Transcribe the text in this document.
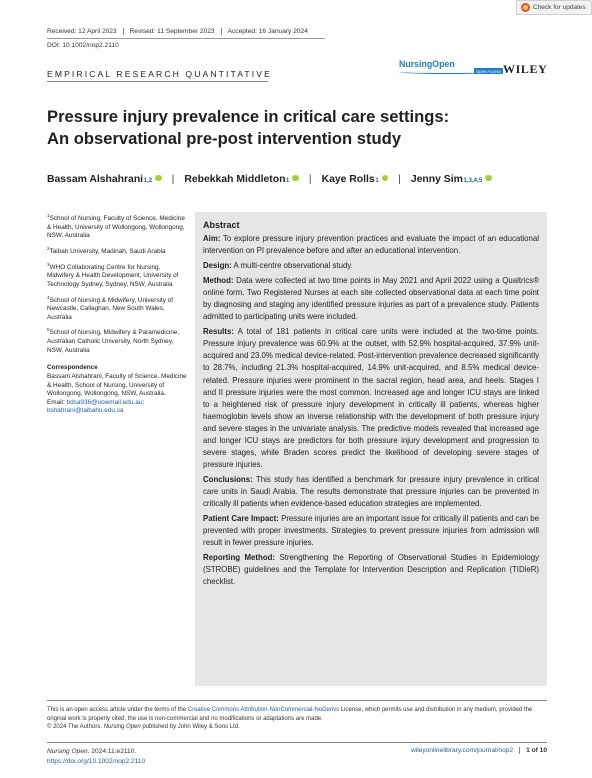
Check for updates
Received: 12 April 2023	Revised: 11 September 2023	Accepted: 16 January 2024
DOI: 10.1002/nop2.2110
EMPIRICAL RESEARCH QUANTITATIVE
NursingOpen
Open Access WILEY
Pressure injury prevalence in critical care settings:
An observational pre-post intervention study
Bassam Alshahrani 1,2 | Rebekkah Middleton 1 | Kaye Rolls 1 | Jenny Sim 1,3,4,5

$^1$School of Nursing, Faculty of Science, Medicine & Health, University of Wollongong, Wollongong, NSW, Australia

$^2$Taibah University, Madinah, Saudi Arabia

$^3$WHO Collaborating Centre for Nursing, Midwifery & Health Development, University of Technology Sydney, Sydney, NSW, Australia

$^4$School of Nursing & Midwifery, University of Newcastle, Callaghan, New South Wales, Australia

$^5$School of Nursing, Midwifery & Paramedicine, Australian Catholic University, North Sydney, NSW, Australia

Correspondence

Bassam Alshahrani, Faculty of Science, Medicine & Health, School of Nursing, University of Wollongong, Wollongong, NSW, Australia.
Email: bdsa936@uowmail.edu.au;
bshahrani@taibahu.edu.sa

Abstract

Aim: To explore pressure injury prevention practices and evaluate the impact of an educational intervention on PI prevalence before and after an educational intervention.

Design: A multi-centre observational study.

Method: Data were collected at two time points in May 2021 and April 2022 using a Qualtrics® online form. Two Registered Nurses at each site collected observational data at each time point by diagnosing and staging any identified pressure injuries as part of a prevalence study. Patients admitted to participating units were included.

Results: A total of 181 patients in critical care units were included at the two-time points. Pressure injury prevalence was 60.9% at the outset, with 52.9% hospital-acquired, 37.9% unit-acquired and 23.0% medical device-related. Post-intervention prevalence decreased significantly to 28.7%, including 21.3% hospital-acquired, 14.9% unit-acquired, and 8.5% medical device-related. Pressure injuries were prominent in the sacral region, head area, and heels. Stages I and II pressure injuries were the most common. Increased age and longer ICU stays are linked to a heightened risk of pressure injury development in critically ill patients, whereas higher haemoglobin levels show an inverse relationship with the development of both pressure injury and severe stages in the univariate analysis. The predictive models revealed that increased age and longer ICU stays are predictors for both pressure injury development and progression to severe stages, while Braden scores predict the likelihood of developing severe stages of pressure injuries.

Conclusions: This study has identified a benchmark for pressure injury prevalence in critical care units in Saudi Arabia. The results demonstrate that pressure injuries can be prevented in critically ill patients when evidence-based education strategies are implemented.

Patient Care Impact: Pressure injuries are an important issue for critically ill patients and can be prevented with proper investments. Strategies to prevent pressure injuries from admission will result in fewer pressure injuries.

Reporting Method: Strengthening the Reporting of Observational Studies in Epidemiology (STROBE) guidelines and the Template for Intervention Description and Replication (TIDieR) checklist.

This is an open access article under the terms of the Creative Commons Attribution-NonCommercial-NoDerivs License, which permits use and distribution in any medium, provided the original work is properly cited, the use is non-commercial and no modifications or adaptations are made.

© 2024 The Authors. Nursing Open published by John Wiley & Sons Ltd.

Nursing Open. 2024;11:e2110.

https://doi.org/10.1002/nop2.2110

wileyonlinelibrary.com/journal/nop2	1 of 10
